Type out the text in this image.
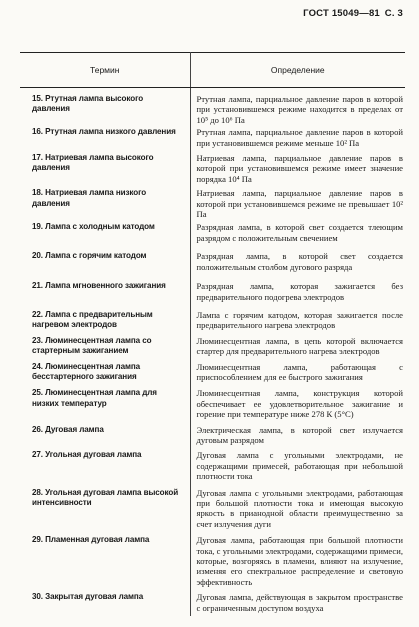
ГОСТ 15049—81 С. 3
Термин	Определение

15. Ртутная лампа высокого давления	Ртутная лампа, парциальное давление паров в которой при установившемся режиме находится в пределах от 10⁵ до 10⁶ Па
16. Ртутная лампа низкого давления	Ртутная лампа, парциальное давление паров в которой при установившемся режиме меньше 10² Па
17. Натриевая лампа высокого давления	Натриевая лампа, парциальное давление паров в которой при установившемся режиме имеет значение порядка 10⁴ Па
18. Натриевая лампа низкого давления	Натриевая лампа, парциальное давление паров в которой при установившемся режиме не превышает 10² Па
19. Лампа с холодным катодом	Разрядная лампа, в которой свет создается тлеющим разрядом с положительным свечением
20. Лампа с горячим катодом	Разрядная лампа, в которой свет создается положительным столбом дугового разряда
21. Лампа мгновенного зажигания	Разрядная лампа, которая зажигается без предварительного подогрева электродов
22. Лампа с предварительным нагревом электродов	Лампа с горячим катодом, которая зажигается после предварительного нагрева электродов
23. Люминесцентная лампа со стартерным зажиганием	Люминесцентная лампа, в цепь которой включается стартер для предварительного нагрева электродов
24. Люминесцентная лампа бесстартерного зажигания	Люминесцентная лампа, работающая с приспособлением для ее быстрого зажигания
25. Люминесцентная лампа для низких температур	Люминесцентная лампа, конструкция которой обеспечивает ее удовлетворительное зажигание и горение при температуре ниже 278 К (5°С)
26. Дуговая лампа	Электрическая лампа, в которой свет излучается дуговым разрядом
27. Угольная дуговая лампа	Дуговая лампа с угольными электродами, не содержащими примесей, работающая при небольшой плотности тока
28. Угольная дуговая лампа высокой интенсивности	Дуговая лампа с угольными электродами, работающая при большой плотности тока и имеющая высокую яркость в прианодной области преимущественно за счет излучения дуги
29. Пламенная дуговая лампа	Дуговая лампа, работающая при большой плотности тока, с угольными электродами, содержащими примеси, которые, возгоряясь в пламени, влияют на излучение, изменяя его спектральное распределение и световую эффективность
30. Закрытая дуговая лампа	Дуговая лампа, действующая в закрытом пространстве с ограниченным доступом воздуха
